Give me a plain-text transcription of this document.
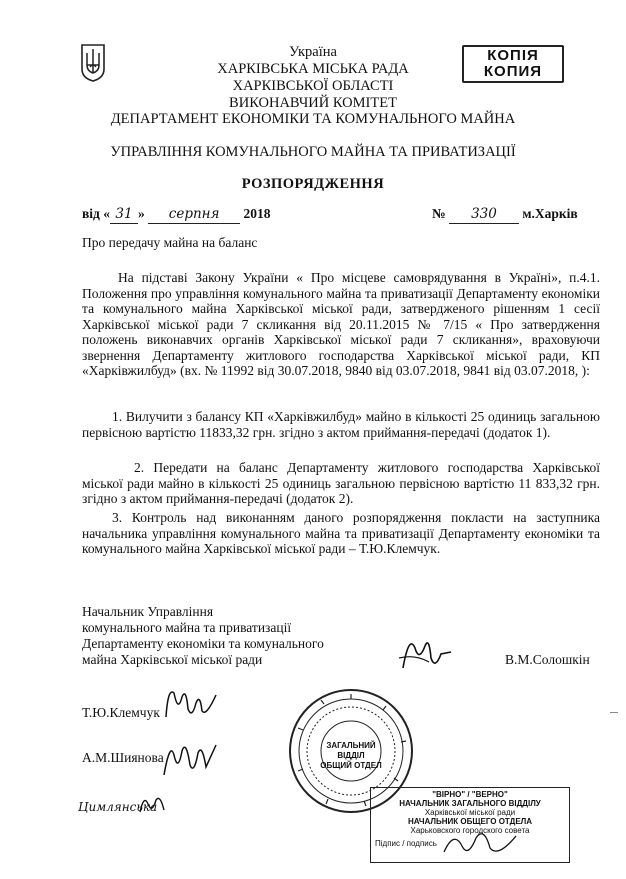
КОПІЯ
КОПИЯ
Україна
ХАРКІВСЬКА МІСЬКА РАДА
ХАРКІВСЬКОЇ ОБЛАСТІ
ВИКОНАВЧИЙ КОМІТЕТ
ДЕПАРТАМЕНТ ЕКОНОМІКИ ТА КОМУНАЛЬНОГО МАЙНА
УПРАВЛІННЯ КОМУНАЛЬНОГО МАЙНА ТА ПРИВАТИЗАЦІЇ
РОЗПОРЯДЖЕННЯ
від « 31 » серпня 2018	№ 330 м.Харків
Про передачу майна на баланс
На підставі Закону України « Про місцеве самоврядування в Україні», п.4.1. Положення про управління комунального майна та приватизації Департаменту економіки та комунального майна Харківської міської ради, затвердженого рішенням 1 сесії Харківської міської ради 7 скликання від 20.11.2015 № 7/15 « Про затвердження положень виконавчих органів Харківської міської ради 7 скликання», враховуючи звернення Департаменту житлового господарства Харківської міської ради, КП «Харківжилбуд» (вх. № 11992 від 30.07.2018, 9840 від 03.07.2018, 9841 від 03.07.2018, ):
1. Вилучити з балансу КП «Харківжилбуд» майно в кількості 25 одиниць загальною первісною вартістю 11833,32 грн. згідно з актом приймання-передачі (додаток 1).
2. Передати на баланс Департаменту житлового господарства Харківської міської ради майно в кількості 25 одиниць загальною первісною вартістю 11 833,32 грн. згідно з актом приймання-передачі (додаток 2).
3. Контроль над виконанням даного розпорядження покласти на заступника начальника управління комунального майна та приватизації Департаменту економіки та комунального майна Харківської міської ради – Т.Ю.Клемчук.
Начальник Управління
комунального майна та приватизації
Департаменту економіки та комунального
майна Харківської міської ради	В.М.Солошкін
Т.Ю.Клемчук
А.М.Шиянова
Цимлянська
ЗАГАЛЬНИЙ
ВІДДІЛ
ОБЩИЙ ОТДЕЛ
"ВІРНО" / "ВЕРНО"
НАЧАЛЬНИК ЗАГАЛЬНОГО ВІДДІЛУ
Харківської міської ради
НАЧАЛЬНИК ОБЩЕГО ОТДЕЛА
Харьковского городского совета
Підпис / подпись
